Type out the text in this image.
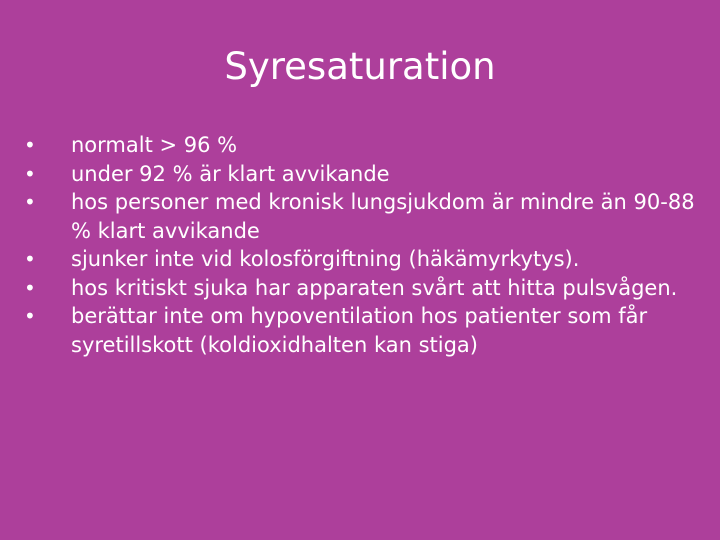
Syresaturation
•	normalt > 96 %
•	under 92 % är klart avvikande
•	hos personer med kronisk lungsjukdom är mindre än 90-88 % klart avvikande
•	sjunker inte vid kolosförgiftning (häkämyrkytys).
•	hos kritiskt sjuka har apparaten svårt att hitta pulsvågen.
•	berättar inte om hypoventilation hos patienter som får syretillskott (koldioxidhalten kan stiga)
